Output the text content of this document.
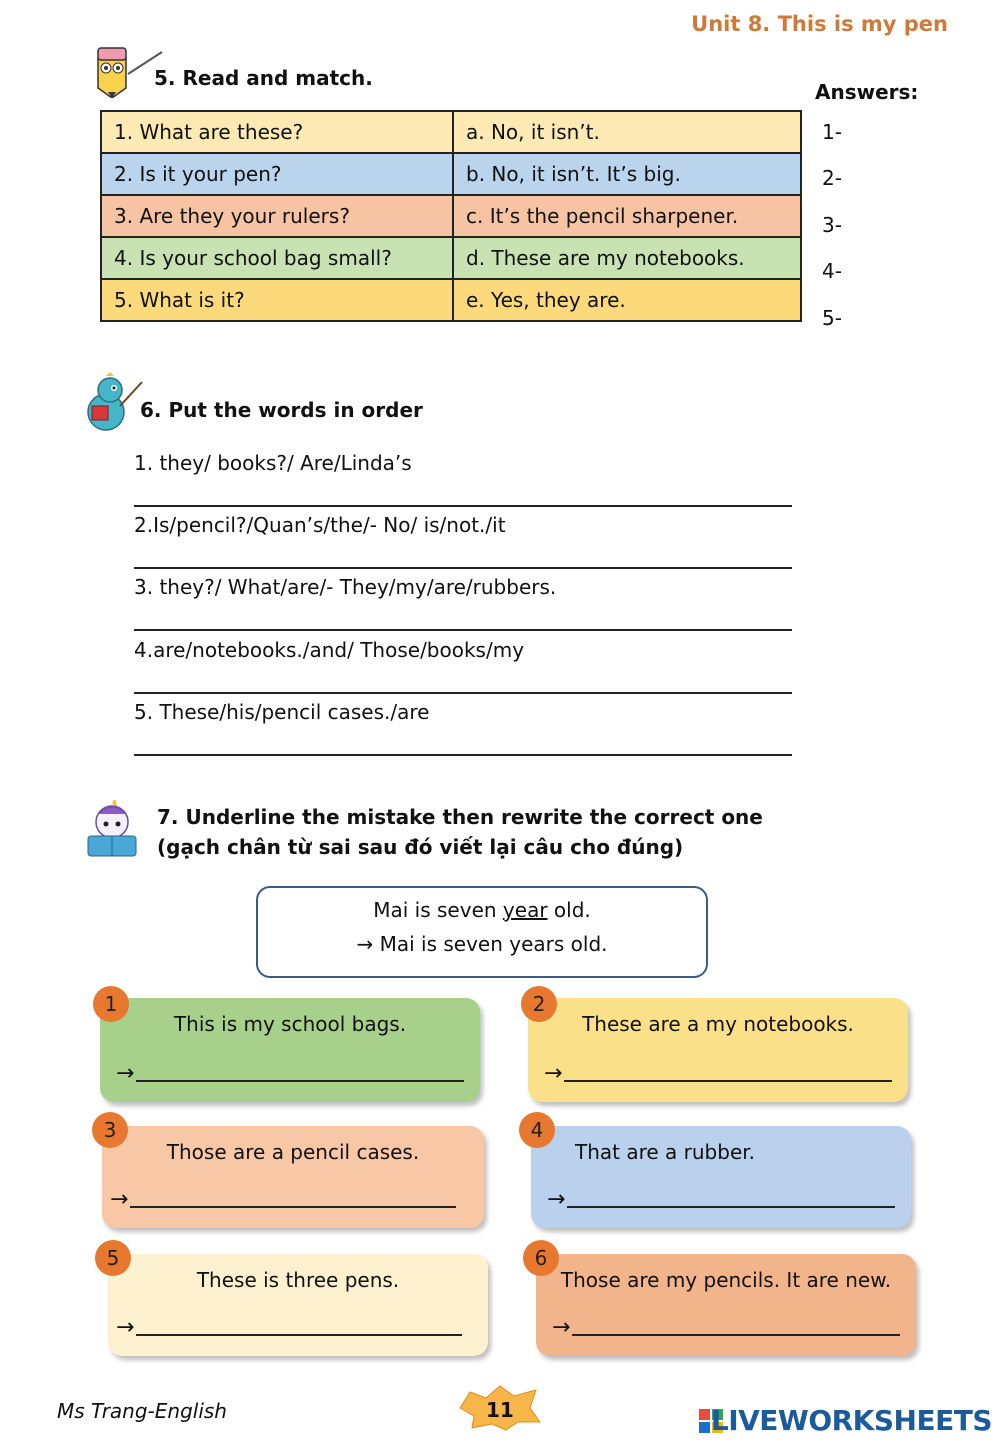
Unit 8. This is my pen
5. Read and match.
Answers:
1. What are these?	a. No, it isn’t.
2. Is it your pen?	b. No, it isn’t. It’s big.
3. Are they your rulers?	c. It’s the pencil sharpener.
4. Is your school bag small?	d. These are my notebooks.
5. What is it?	e. Yes, they are.
1-
2-
3-
4-
5-
6. Put the words in order
1. they/ books?/ Are/Linda’s
2.Is/pencil?/Quan’s/the/- No/ is/not./it
3. they?/ What/are/- They/my/are/rubbers.
4.are/notebooks./and/ Those/books/my
5. These/his/pencil cases./are
7. Underline the mistake then rewrite the correct one
(gạch chân từ sai sau đó viết lại câu cho đúng)
Mai is seven year old.
→ Mai is seven years old.
This is my school bags.
→
1
These are a my notebooks.
→
2
Those are a pencil cases.
→
3
That are a rubber.
→
4
These is three pens.
→
5
Those are my pencils. It are new.
→
6
Ms Trang-English	11	LIVEWORKSHEETS
